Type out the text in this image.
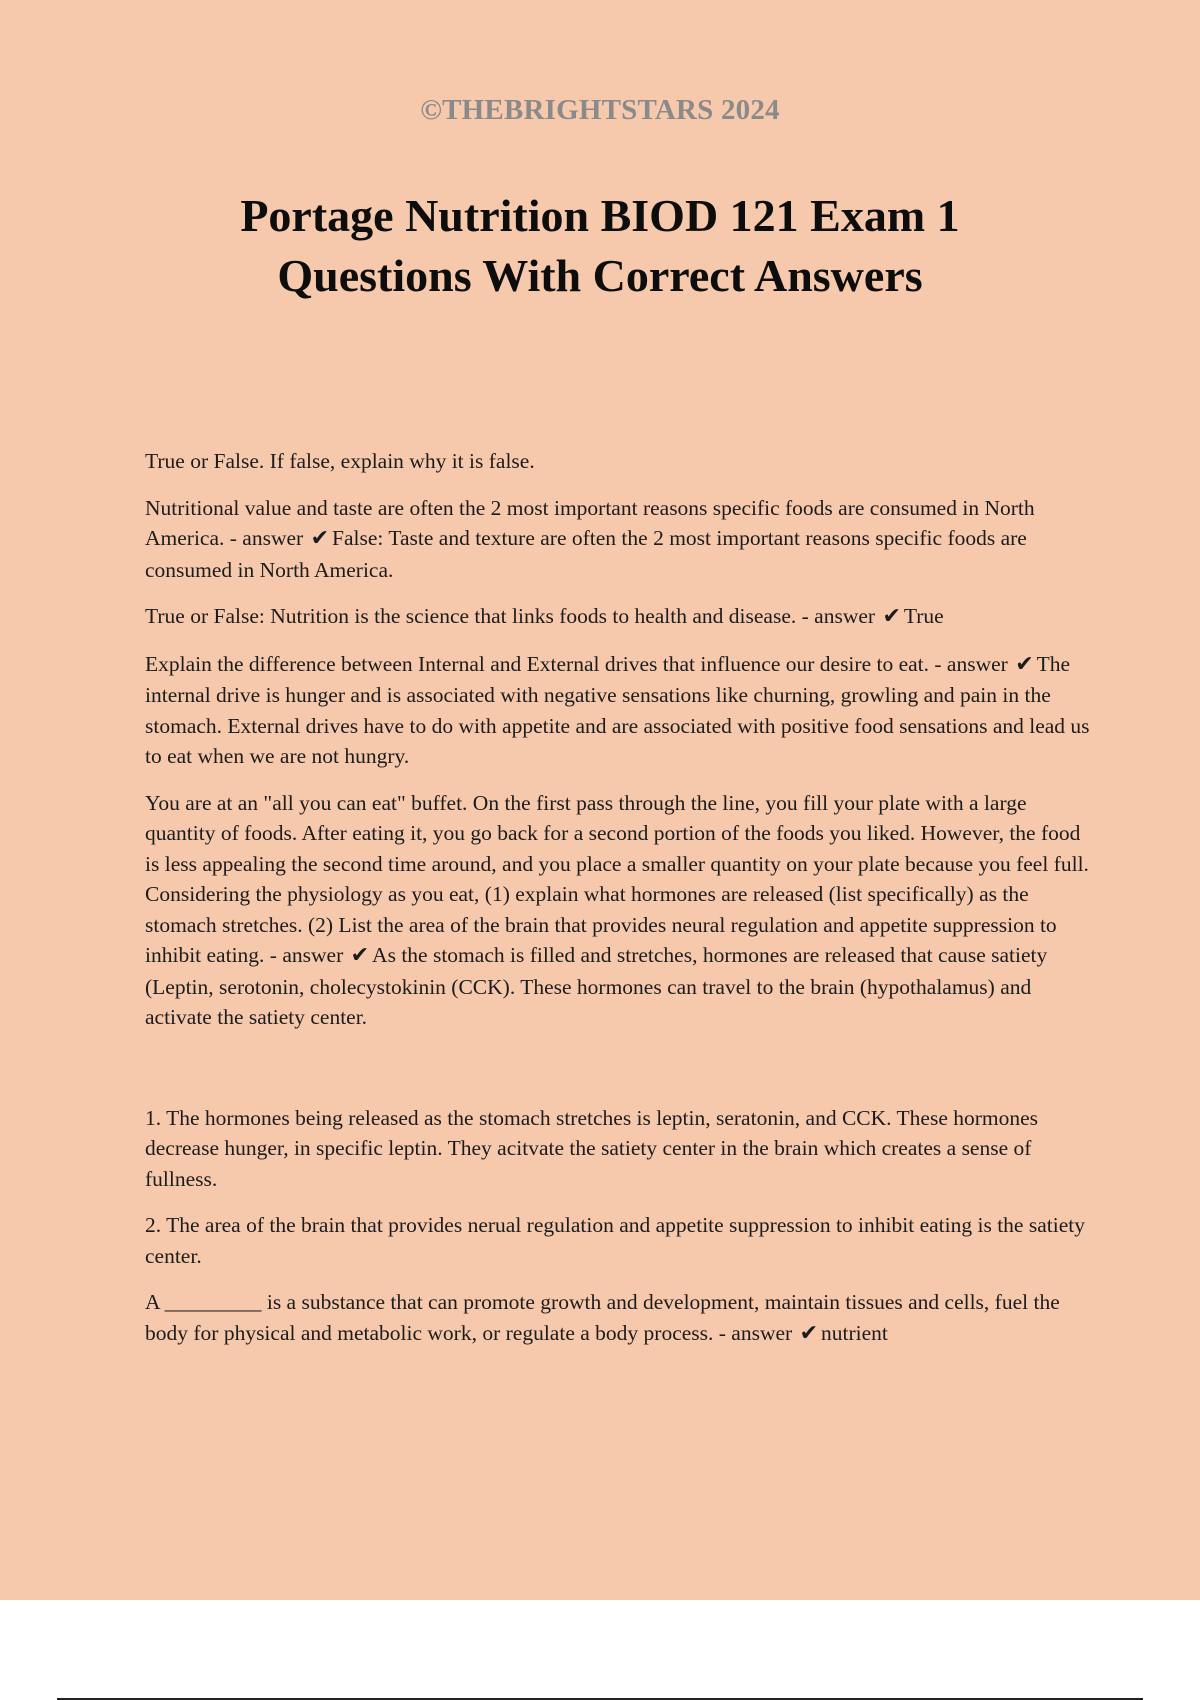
©THEBRIGHTSTARS 2024
Portage Nutrition BIOD 121 Exam 1
Questions With Correct Answers

True or False. If false, explain why it is false.

Nutritional value and taste are often the 2 most important reasons specific foods are consumed in North America. - answer ✔ False: Taste and texture are often the 2 most important reasons specific foods are consumed in North America.

True or False: Nutrition is the science that links foods to health and disease. - answer ✔ True

Explain the difference between Internal and External drives that influence our desire to eat. - answer ✔ The internal drive is hunger and is associated with negative sensations like churning, growling and pain in the stomach. External drives have to do with appetite and are associated with positive food sensations and lead us to eat when we are not hungry.

You are at an "all you can eat" buffet. On the first pass through the line, you fill your plate with a large quantity of foods. After eating it, you go back for a second portion of the foods you liked. However, the food is less appealing the second time around, and you place a smaller quantity on your plate because you feel full. Considering the physiology as you eat, (1) explain what hormones are released (list specifically) as the stomach stretches. (2) List the area of the brain that provides neural regulation and appetite suppression to inhibit eating. - answer ✔ As the stomach is filled and stretches, hormones are released that cause satiety (Leptin, serotonin, cholecystokinin (CCK). These hormones can travel to the brain (hypothalamus) and activate the satiety center.

1. The hormones being released as the stomach stretches is leptin, seratonin, and CCK. These hormones decrease hunger, in specific leptin. They acitvate the satiety center in the brain which creates a sense of fullness.

2. The area of the brain that provides nerual regulation and appetite suppression to inhibit eating is the satiety center.

A _________ is a substance that can promote growth and development, maintain tissues and cells, fuel the body for physical and metabolic work, or regulate a body process. - answer ✔ nutrient
